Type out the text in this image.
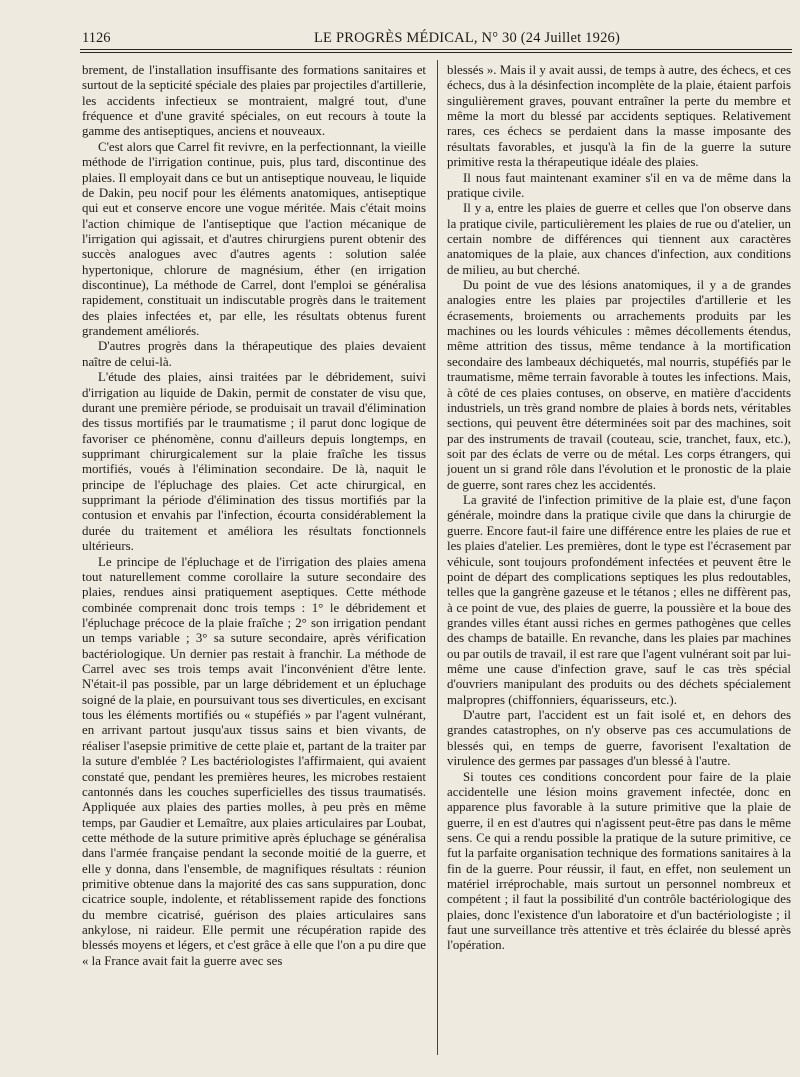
1126	LE PROGRÈS MÉDICAL, N° 30 (24 Juillet 1926)

brement, de l'installation insuffisante des formations sanitaires et surtout de la septicité spéciale des plaies par projectiles d'artillerie, les accidents infectieux se montraient, malgré tout, d'une fréquence et d'une gravité spéciales, on eut recours à toute la gamme des antiseptiques, anciens et nouveaux.

C'est alors que Carrel fit revivre, en la perfectionnant, la vieille méthode de l'irrigation continue, puis, plus tard, discontinue des plaies. Il employait dans ce but un antiseptique nouveau, le liquide de Dakin, peu nocif pour les éléments anatomiques, antiseptique qui eut et conserve encore une vogue méritée. Mais c'était moins l'action chimique de l'antiseptique que l'action mécanique de l'irrigation qui agissait, et d'autres chirurgiens purent obtenir des succès analogues avec d'autres agents : solution salée hypertonique, chlorure de magnésium, éther (en irrigation discontinue), La méthode de Carrel, dont l'emploi se généralisa rapidement, constituait un indiscutable progrès dans le traitement des plaies infectées et, par elle, les résultats obtenus furent grandement améliorés.

D'autres progrès dans la thérapeutique des plaies devaient naître de celui-là.

L'étude des plaies, ainsi traitées par le débridement, suivi d'irrigation au liquide de Dakin, permit de constater de visu que, durant une première période, se produisait un travail d'élimination des tissus mortifiés par le traumatisme ; il parut donc logique de favoriser ce phénomène, connu d'ailleurs depuis longtemps, en supprimant chirurgicalement sur la plaie fraîche les tissus mortifiés, voués à l'élimination secondaire. De là, naquit le principe de l'épluchage des plaies. Cet acte chirurgical, en supprimant la période d'élimination des tissus mortifiés par la contusion et envahis par l'infection, écourta considérablement la durée du traitement et améliora les résultats fonctionnels ultérieurs.

Le principe de l'épluchage et de l'irrigation des plaies amena tout naturellement comme corollaire la suture secondaire des plaies, rendues ainsi pratiquement aseptiques. Cette méthode combinée comprenait donc trois temps : 1° le débridement et l'épluchage précoce de la plaie fraîche ; 2° son irrigation pendant un temps variable ; 3° sa suture secondaire, après vérification bactériologique. Un dernier pas restait à franchir. La méthode de Carrel avec ses trois temps avait l'inconvénient d'être lente. N'était-il pas possible, par un large débridement et un épluchage soigné de la plaie, en poursuivant tous ses diverticules, en excisant tous les éléments mortifiés ou « stupéfiés » par l'agent vulnérant, en arrivant partout jusqu'aux tissus sains et bien vivants, de réaliser l'asepsie primitive de cette plaie et, partant de la traiter par la suture d'emblée ? Les bactériologistes l'affirmaient, qui avaient constaté que, pendant les premières heures, les microbes restaient cantonnés dans les couches superficielles des tissus traumatisés. Appliquée aux plaies des parties molles, à peu près en même temps, par Gaudier et Lemaître, aux plaies articulaires par Loubat, cette méthode de la suture primitive après épluchage se généralisa dans l'armée française pendant la seconde moitié de la guerre, et elle y donna, dans l'ensemble, de magnifiques résultats : réunion primitive obtenue dans la majorité des cas sans suppuration, donc cicatrice souple, indolente, et rétablissement rapide des fonctions du membre cicatrisé, guérison des plaies articulaires sans ankylose, ni raideur. Elle permit une récupération rapide des blessés moyens et légers, et c'est grâce à elle que l'on a pu dire que « la France avait fait la guerre avec ses

blessés ». Mais il y avait aussi, de temps à autre, des échecs, et ces échecs, dus à la désinfection incomplète de la plaie, étaient parfois singulièrement graves, pouvant entraîner la perte du membre et même la mort du blessé par accidents septiques. Relativement rares, ces échecs se perdaient dans la masse imposante des résultats favorables, et jusqu'à la fin de la guerre la suture primitive resta la thérapeutique idéale des plaies.

Il nous faut maintenant examiner s'il en va de même dans la pratique civile.

Il y a, entre les plaies de guerre et celles que l'on observe dans la pratique civile, particulièrement les plaies de rue ou d'atelier, un certain nombre de différences qui tiennent aux caractères anatomiques de la plaie, aux chances d'infection, aux conditions de milieu, au but cherché.

Du point de vue des lésions anatomiques, il y a de grandes analogies entre les plaies par projectiles d'artillerie et les écrasements, broiements ou arrachements produits par les machines ou les lourds véhicules : mêmes décollements étendus, même attrition des tissus, même tendance à la mortification secondaire des lambeaux déchiquetés, mal nourris, stupéfiés par le traumatisme, même terrain favorable à toutes les infections. Mais, à côté de ces plaies contuses, on observe, en matière d'accidents industriels, un très grand nombre de plaies à bords nets, véritables sections, qui peuvent être déterminées soit par des machines, soit par des instruments de travail (couteau, scie, tranchet, faux, etc.), soit par des éclats de verre ou de métal. Les corps étrangers, qui jouent un si grand rôle dans l'évolution et le pronostic de la plaie de guerre, sont rares chez les accidentés.

La gravité de l'infection primitive de la plaie est, d'une façon générale, moindre dans la pratique civile que dans la chirurgie de guerre. Encore faut-il faire une différence entre les plaies de rue et les plaies d'atelier. Les premières, dont le type est l'écrasement par véhicule, sont toujours profondément infectées et peuvent être le point de départ des complications septiques les plus redoutables, telles que la gangrène gazeuse et le tétanos ; elles ne diffèrent pas, à ce point de vue, des plaies de guerre, la poussière et la boue des grandes villes étant aussi riches en germes pathogènes que celles des champs de bataille. En revanche, dans les plaies par machines ou par outils de travail, il est rare que l'agent vulnérant soit par lui-même une cause d'infection grave, sauf le cas très spécial d'ouvriers manipulant des produits ou des déchets spécialement malpropres (chiffonniers, équarisseurs, etc.).

D'autre part, l'accident est un fait isolé et, en dehors des grandes catastrophes, on n'y observe pas ces accumulations de blessés qui, en temps de guerre, favorisent l'exaltation de virulence des germes par passages d'un blessé à l'autre.

Si toutes ces conditions concordent pour faire de la plaie accidentelle une lésion moins gravement infectée, donc en apparence plus favorable à la suture primitive que la plaie de guerre, il en est d'autres qui n'agissent peut-être pas dans le même sens. Ce qui a rendu possible la pratique de la suture primitive, ce fut la parfaite organisation technique des formations sanitaires à la fin de la guerre. Pour réussir, il faut, en effet, non seulement un matériel irréprochable, mais surtout un personnel nombreux et compétent ; il faut la possibilité d'un contrôle bactériologique des plaies, donc l'existence d'un laboratoire et d'un bactériologiste ; il faut une surveillance très attentive et très éclairée du blessé après l'opération.
